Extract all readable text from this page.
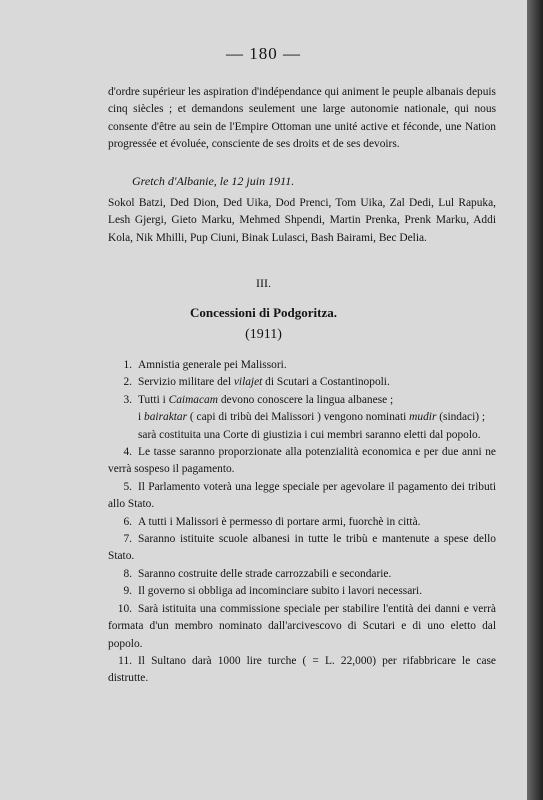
— 180 —
d'ordre supérieur les aspiration d'indépendance qui animent le peuple albanais depuis cinq siècles ; et demandons seulement une large autonomie nationale, qui nous consente d'être au sein de l'Empire Ottoman une unité active et féconde, une Nation progressée et évoluée, consciente de ses droits et de ses devoirs.
Gretch d'Albanie, le 12 juin 1911.
Sokol Batzi, Ded Dion, Ded Uika, Dod Prenci, Tom Uika, Zal Dedi, Lul Rapuka, Lesh Gjergi, Gieto Marku, Mehmed Shpendi, Martin Prenka, Prenk Marku, Addi Kola, Nik Mhilli, Pup Ciuni, Binak Lulasci, Bash Bairami, Bec Delia.
III.
Concessioni di Podgoritza.
(1911)
1. Amnistia generale pei Malissori.
2. Servizio militare del vilajet di Scutari a Costantinopoli.
3. Tutti i Caimacam devono conoscere la lingua albanese ;
i bairaktar ( capi di tribù dei Malissori ) vengono nominati mudir (sindaci) ;
sarà costituita una Corte di giustizia i cui membri saranno eletti dal popolo.
4. Le tasse saranno proporzionate alla potenzialità economica e per due anni ne verrà sospeso il pagamento.
5. Il Parlamento voterà una legge speciale per agevolare il pagamento dei tributi allo Stato.
6. A tutti i Malissori è permesso di portare armi, fuorchè in città.
7. Saranno istituite scuole albanesi in tutte le tribù e mantenute a spese dello Stato.
8. Saranno costruite delle strade carrozzabili e secondarie.
9. Il governo si obbliga ad incominciare subito i lavori necessari.
10. Sarà istituita una commissione speciale per stabilire l'entità dei danni e verrà formata d'un membro nominato dall'arcivescovo di Scutari e di uno eletto dal popolo.
11. Il Sultano darà 1000 lire turche ( = L. 22,000) per rifabbricare le case distrutte.
